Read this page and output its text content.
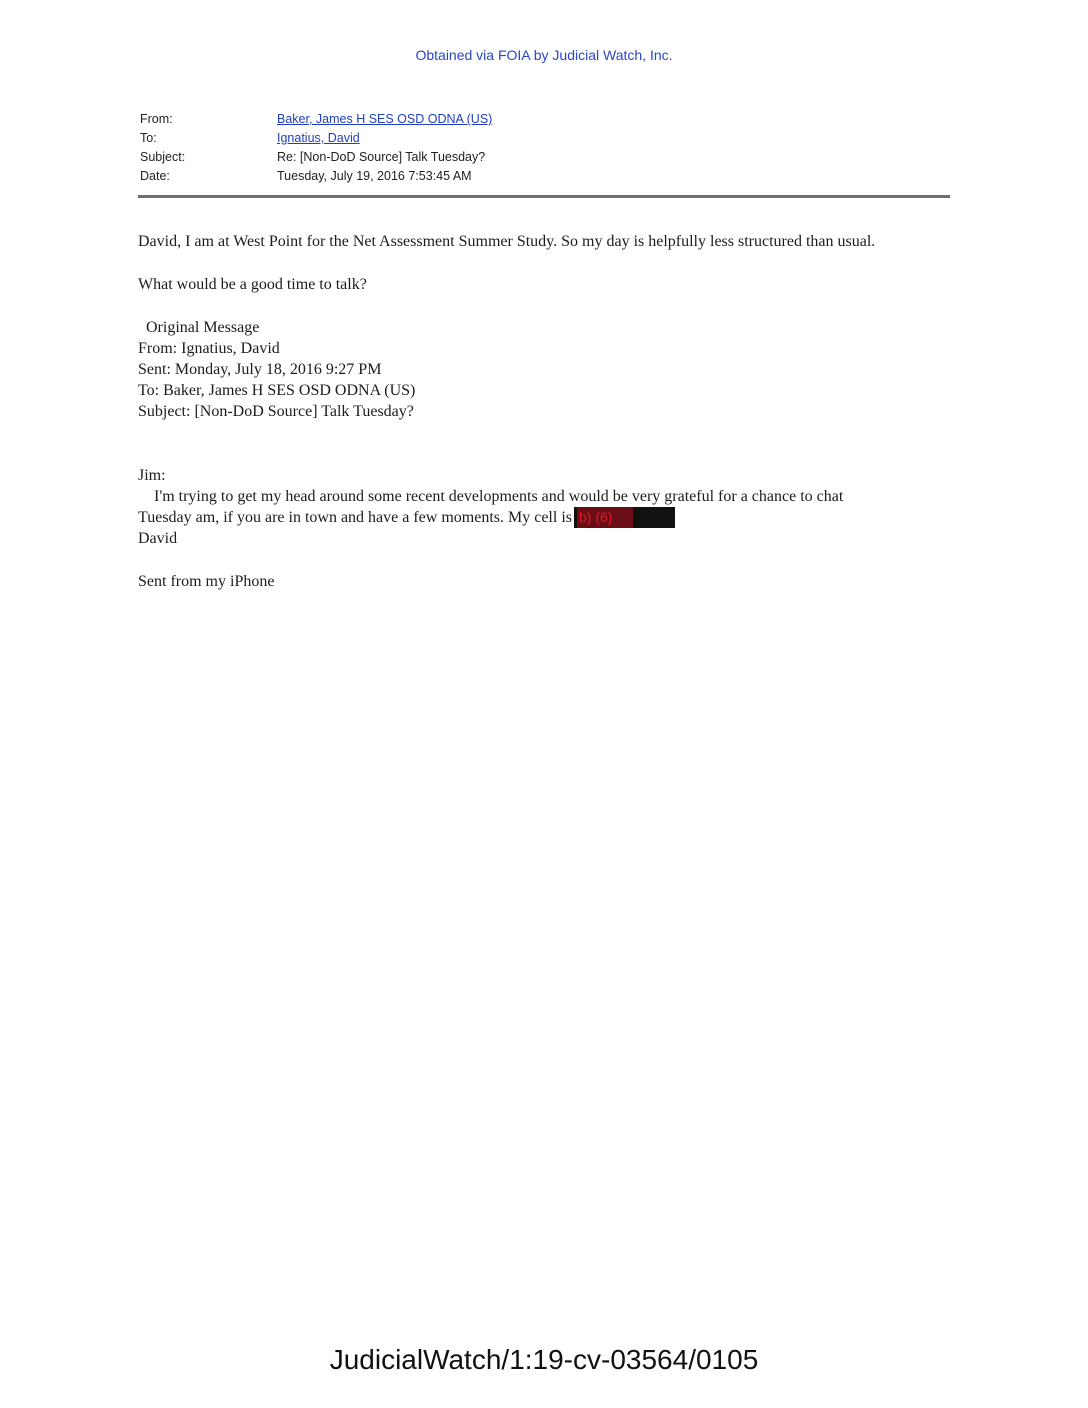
Obtained via FOIA by Judicial Watch, Inc.
From:	Baker, James H SES OSD ODNA (US)
To:	Ignatius, David
Subject:	Re: [Non-DoD Source] Talk Tuesday?
Date:	Tuesday, July 19, 2016 7:53:45 AM
David, I am at West Point for the Net Assessment Summer Study. So my day is helpfully less structured than usual.
What would be a good time to talk?
Original Message
From: Ignatius, David
Sent: Monday, July 18, 2016 9:27 PM
To: Baker, James H SES OSD ODNA (US)
Subject: [Non-DoD Source] Talk Tuesday?
Jim:
I'm trying to get my head around some recent developments and would be very grateful for a chance to chat
Tuesday am, if you are in town and have a few moments. My cell is b) (6)
David
Sent from my iPhone
JudicialWatch/1:19-cv-03564/0105
